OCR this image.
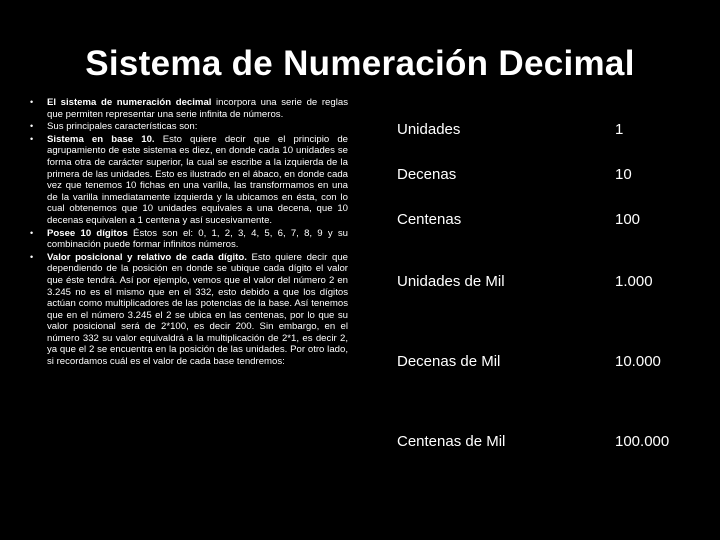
Sistema de Numeración Decimal
• El sistema de numeración decimal incorpora una serie de reglas que permiten representar una serie infinita de números.
• Sus principales características son:
• Sistema en base 10. Esto quiere decir que el principio de agrupamiento de este sistema es diez, en donde cada 10 unidades se forma otra de carácter superior, la cual se escribe a la izquierda de la primera de las unidades. Esto es ilustrado en el ábaco, en donde cada vez que tenemos 10 fichas en una varilla, las transformamos en una de la varilla inmediatamente izquierda y la ubicamos en ésta, con lo cual obtenemos que 10 unidades equivales a una decena, que 10 decenas equivalen a 1 centena y así sucesivamente.
• Posee 10 dígitos Éstos son el: 0, 1, 2, 3, 4, 5, 6, 7, 8, 9 y su combinación puede formar infinitos números.
• Valor posicional y relativo de cada dígito. Esto quiere decir que dependiendo de la posición en donde se ubique cada dígito el valor que éste tendrá. Así por ejemplo, vemos que el valor del número 2 en 3.245 no es el mismo que en el 332, esto debido a que los dígitos actúan como multiplicadores de las potencias de la base. Así tenemos que en el número 3.245 el 2 se ubica en las centenas, por lo que su valor posicional será de 2*100, es decir 200. Sin embargo, en el número 332 su valor equivaldrá a la multiplicación de 2*1, es decir 2, ya que el 2 se encuentra en la posición de las unidades. Por otro lado, si recordamos cuál es el valor de cada base tendremos:
Unidades	1
Decenas	10
Centenas	100
Unidades de Mil	1.000
Decenas de Mil	10.000
Centenas de Mil	100.000
